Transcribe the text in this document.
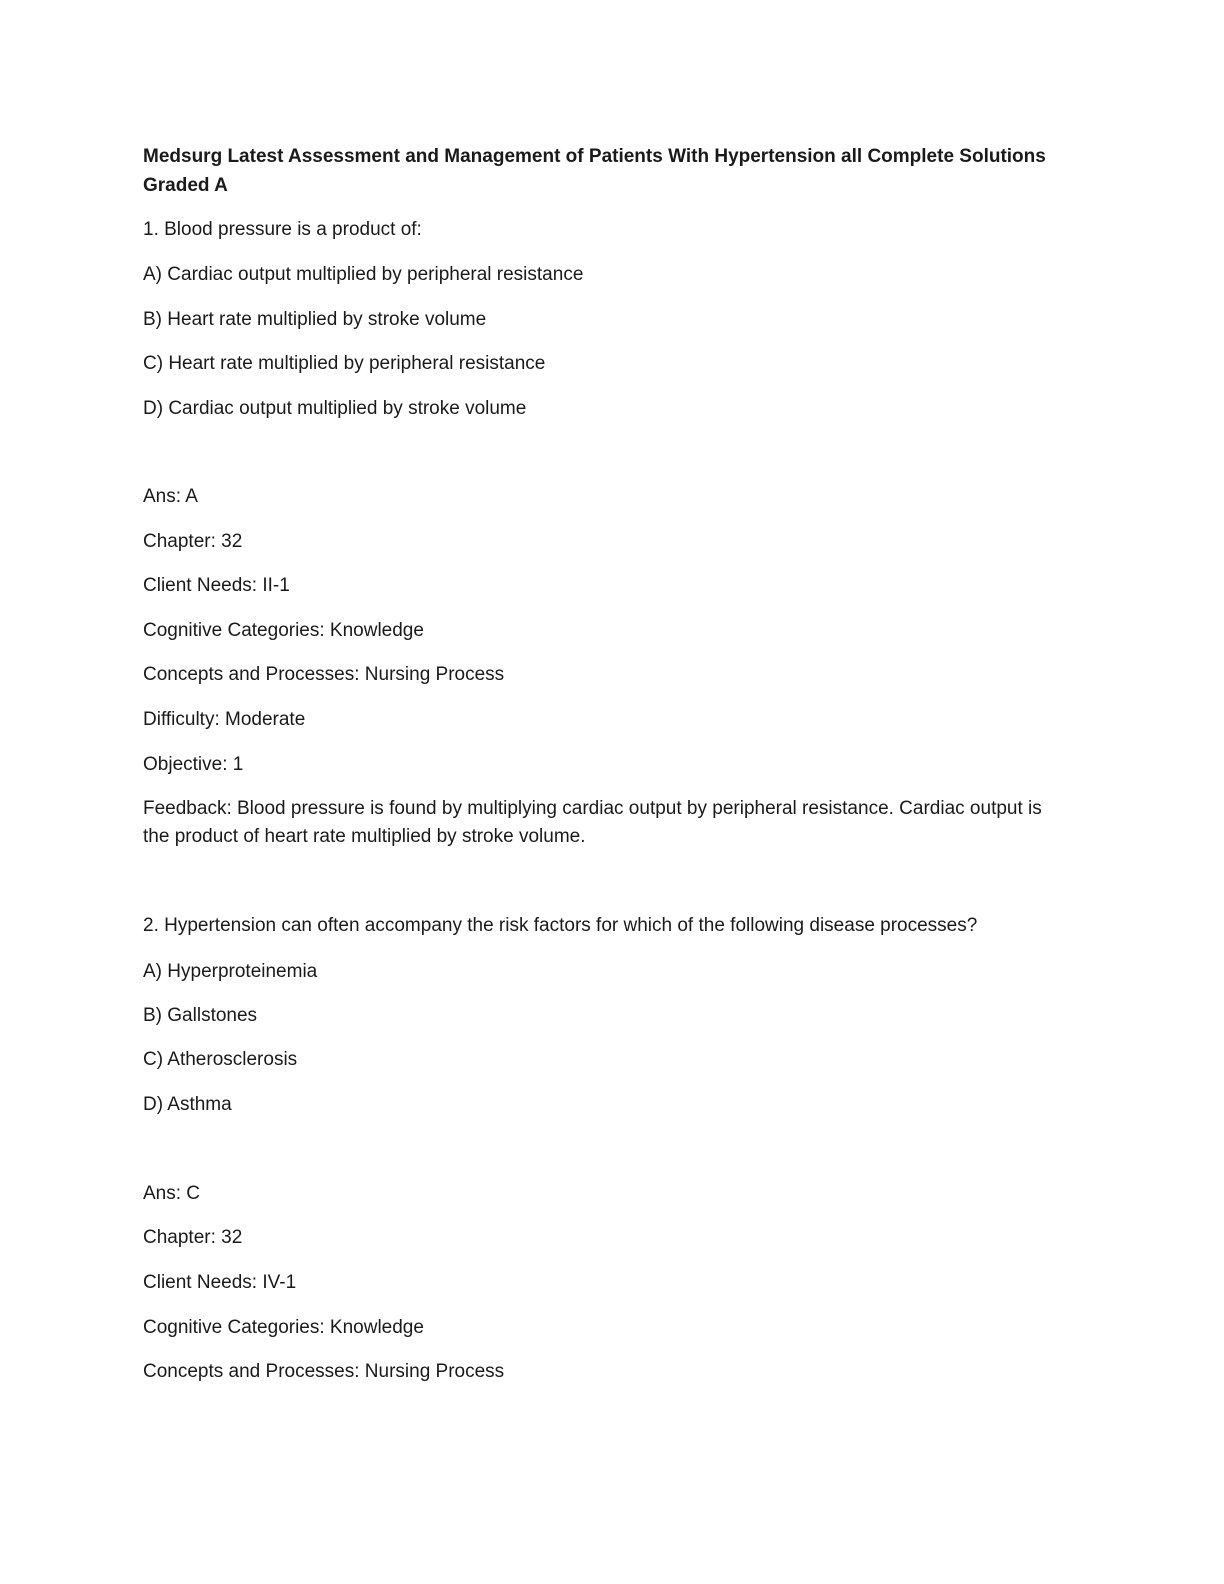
Medsurg Latest Assessment and Management of Patients With Hypertension all Complete Solutions Graded A

1. Blood pressure is a product of:

A) Cardiac output multiplied by peripheral resistance

B) Heart rate multiplied by stroke volume

C) Heart rate multiplied by peripheral resistance

D) Cardiac output multiplied by stroke volume

Ans: A

Chapter: 32

Client Needs: II-1

Cognitive Categories: Knowledge

Concepts and Processes: Nursing Process

Difficulty: Moderate

Objective: 1

Feedback: Blood pressure is found by multiplying cardiac output by peripheral resistance. Cardiac output is the product of heart rate multiplied by stroke volume.

2. Hypertension can often accompany the risk factors for which of the following disease processes?

A) Hyperproteinemia

B) Gallstones

C) Atherosclerosis

D) Asthma

Ans: C

Chapter: 32

Client Needs: IV-1

Cognitive Categories: Knowledge

Concepts and Processes: Nursing Process
